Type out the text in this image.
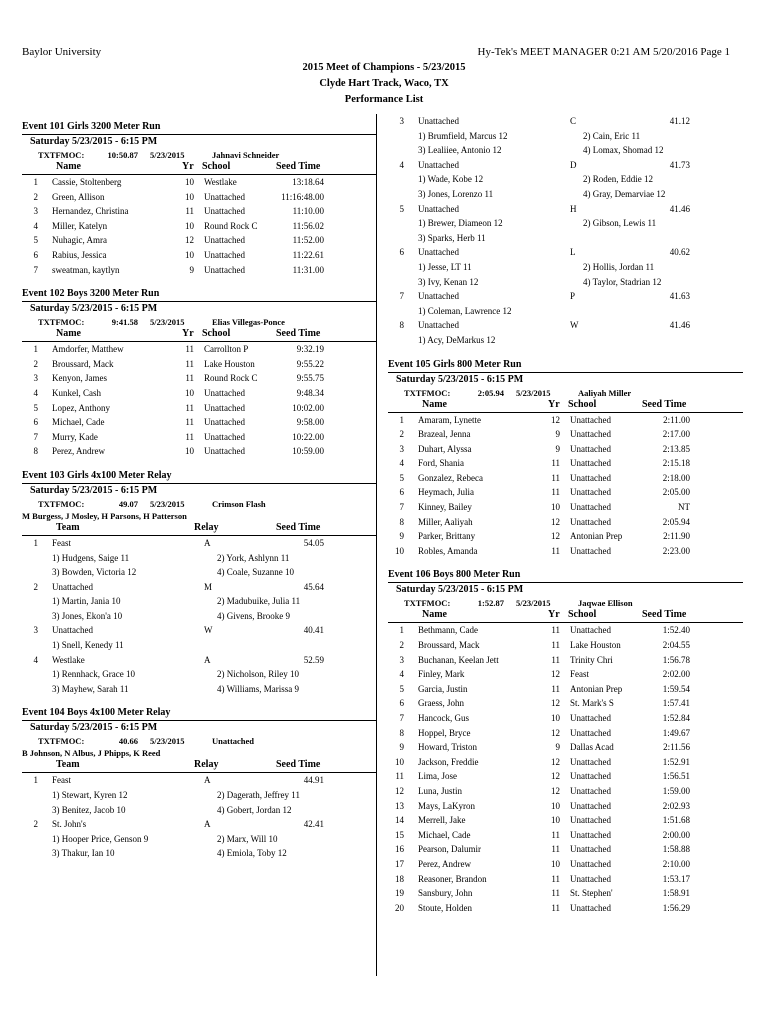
Baylor University	Hy-Tek's MEET MANAGER 0:21 AM 5/20/2016 Page 1
2015 Meet of Champions - 5/23/2015
Clyde Hart Track, Waco, TX
Performance List
Event 101 Girls 3200 Meter Run
Saturday 5/23/2015 - 6:15 PM
TXTFMOC:	10:50.87 5/23/2015	Jahnavi Schneider
Name	Yr School	Seed Time
1 Cassie, Stoltenberg	10 Westlake	13:18.64
2 Green, Allison	10 Unattached	11:16:48.00
3 Hernandez, Christina	11 Unattached	11:10.00
4 Miller, Katelyn	10 Round Rock C	11:56.02
5 Nuhagic, Amra	12 Unattached	11:52.00
6 Rabius, Jessica	10 Unattached	11:22.61
7 sweatman, kaytlyn	9 Unattached	11:31.00
Event 102 Boys 3200 Meter Run
Saturday 5/23/2015 - 6:15 PM
TXTFMOC:	9:41.58 5/23/2015	Elias Villegas-Ponce
Name	Yr School	Seed Time
1 Amdorfer, Matthew	11 Carrollton P	9:32.19
2 Broussard, Mack	11 Lake Houston	9:55.22
3 Kenyon, James	11 Round Rock C	9:55.75
4 Kunkel, Cash	10 Unattached	9:48.34
5 Lopez, Anthony	11 Unattached	10:02.00
6 Michael, Cade	11 Unattached	9:58.00
7 Murry, Kade	11 Unattached	10:22.00
8 Perez, Andrew	10 Unattached	10:59.00
Event 103 Girls 4x100 Meter Relay
Saturday 5/23/2015 - 6:15 PM
TXTFMOC:	49.07 5/23/2015	Crimson Flash
M Burgess, J Mosley, H Parsons, H Patterson
Team	Relay	Seed Time
1 Feast	A	54.05
1) Hudgens, Saige 11	2) York, Ashlynn 11
3) Bowden, Victoria 12	4) Coale, Suzanne 10
2 Unattached	M	45.64
1) Martin, Jania 10	2) Madubuike, Julia 11
3) Jones, Ekon'a 10	4) Givens, Brooke 9
3 Unattached	W	40.41
1) Snell, Kenedy 11
4 Westlake	A	52.59
1) Rennhack, Grace 10	2) Nicholson, Riley 10
3) Mayhew, Sarah 11	4) Williams, Marissa 9
Event 104 Boys 4x100 Meter Relay
Saturday 5/23/2015 - 6:15 PM
TXTFMOC:	40.66 5/23/2015	Unattached
B Johnson, N Albus, J Phipps, K Reed
Team	Relay	Seed Time
1 Feast	A	44.91
1) Stewart, Kyren 12	2) Dagerath, Jeffrey 11
3) Benitez, Jacob 10	4) Gobert, Jordan 12
2 St. John's	A	42.41
1) Hooper Price, Genson 9	2) Marx, Will 10
3) Thakur, Ian 10	4) Emiola, Toby 12
3 Unattached	C	41.12
1) Brumfield, Marcus 12	2) Cain, Eric 11
3) Lealiiee, Antonio 12	4) Lomax, Shomad 12
4 Unattached	D	41.73
1) Wade, Kobe 12	2) Roden, Eddie 12
3) Jones, Lorenzo 11	4) Gray, Demarviae 12
5 Unattached	H	41.46
1) Brewer, Diameon 12	2) Gibson, Lewis 11
3) Sparks, Herb 11
6 Unattached	L	40.62
1) Jesse, LT 11	2) Hollis, Jordan 11
3) Ivy, Kenan 12	4) Taylor, Stadrian 12
7 Unattached	P	41.63
1) Coleman, Lawrence 12
8 Unattached	W	41.46
1) Acy, DeMarkus 12
Event 105 Girls 800 Meter Run
Saturday 5/23/2015 - 6:15 PM
TXTFMOC:	2:05.94 5/23/2015	Aaliyah Miller
Name	Yr School	Seed Time
1 Amaram, Lynette	12 Unattached	2:11.00
2 Brazeal, Jenna	9 Unattached	2:17.00
3 Duhart, Alyssa	9 Unattached	2:13.85
4 Ford, Shania	11 Unattached	2:15.18
5 Gonzalez, Rebeca	11 Unattached	2:18.00
6 Heymach, Julia	11 Unattached	2:05.00
7 Kinney, Bailey	10 Unattached	NT
8 Miller, Aaliyah	12 Unattached	2:05.94
9 Parker, Brittany	12 Antonian Prep	2:11.90
10 Robles, Amanda	11 Unattached	2:23.00
Event 106 Boys 800 Meter Run
Saturday 5/23/2015 - 6:15 PM
TXTFMOC:	1:52.87 5/23/2015	Jaqwae Ellison
Name	Yr School	Seed Time
1 Bethmann, Cade	11 Unattached	1:52.40
2 Broussard, Mack	11 Lake Houston	2:04.55
3 Buchanan, Keelan Jett	11 Trinity Chri	1:56.78
4 Finley, Mark	12 Feast	2:02.00
5 Garcia, Justin	11 Antonian Prep	1:59.54
6 Graess, John	12 St. Mark's S	1:57.41
7 Hancock, Gus	10 Unattached	1:52.84
8 Hoppel, Bryce	12 Unattached	1:49.67
9 Howard, Triston	9 Dallas Acad	2:11.56
10 Jackson, Freddie	12 Unattached	1:52.91
11 Lima, Jose	12 Unattached	1:56.51
12 Luna, Justin	12 Unattached	1:59.00
13 Mays, LaKyron	10 Unattached	2:02.93
14 Merrell, Jake	10 Unattached	1:51.68
15 Michael, Cade	11 Unattached	2:00.00
16 Pearson, Dalumir	11 Unattached	1:58.88
17 Perez, Andrew	10 Unattached	2:10.00
18 Reasoner, Brandon	11 Unattached	1:53.17
19 Sansbury, John	11 St. Stephen'	1:58.91
20 Stoute, Holden	11 Unattached	1:56.29
